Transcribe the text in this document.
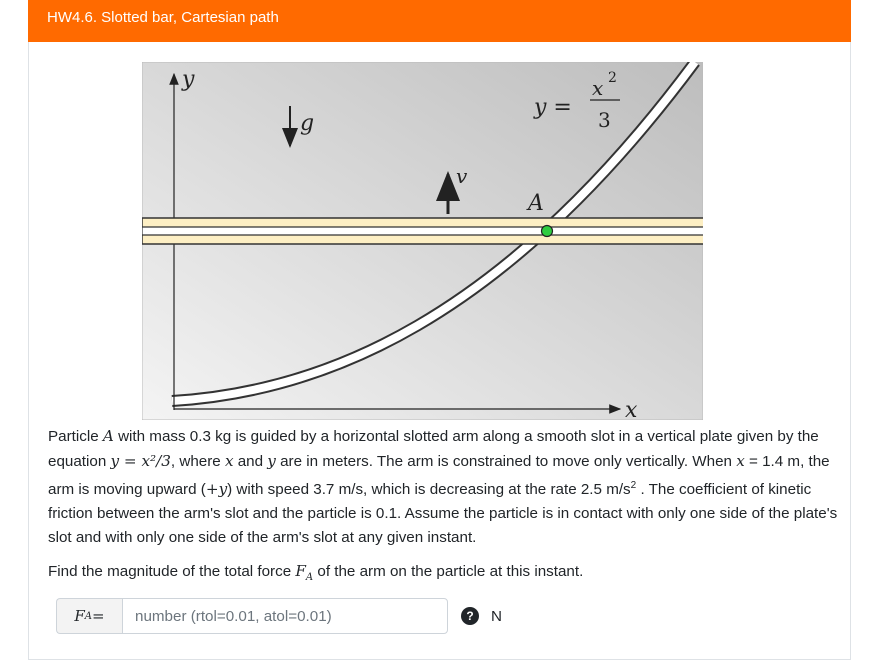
HW4.6. Slotted bar, Cartesian path
y
x
g
v
A
y =
x 2
3

Particle A with mass 0.3 kg is guided by a horizontal slotted arm along a smooth slot in a vertical plate given by the equation y = x²/3, where x and y are in meters. The arm is constrained to move only vertically. When x = 1.4 m, the arm is moving upward (+y) with speed 3.7 m/s, which is decreasing at the rate 2.5 $m/s^2$ . The coefficient of kinetic friction between the arm's slot and the particle is 0.1. Assume the particle is in contact with only one side of the plate's slot and with only one side of the arm's slot at any given instant.

Find the magnitude of the total force $F_A$ of the arm on the particle at this instant.
F A =
number (rtol=0.01, atol=0.01)	?	N
